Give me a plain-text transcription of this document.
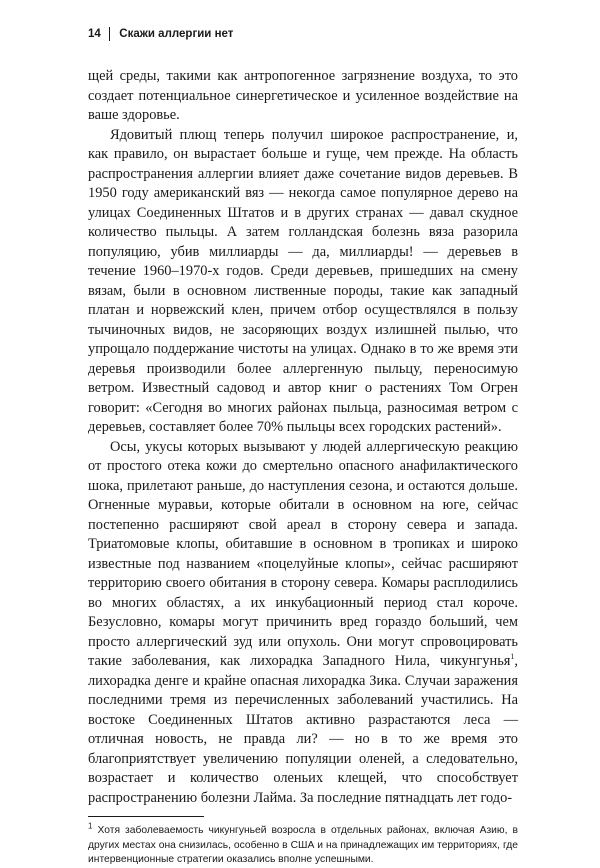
14 Скажи аллергии нет

щей среды, такими как антропогенное загрязнение воздуха, то это создает потенциальное синергетическое и усиленное воздействие на ваше здоровье.

Ядовитый плющ теперь получил широкое распространение, и, как правило, он вырастает больше и гуще, чем прежде. На область распространения аллергии влияет даже сочетание видов деревьев. В 1950 году американский вяз — некогда самое популярное дерево на улицах Соединенных Штатов и в других странах — давал скудное количество пыльцы. А затем голландская болезнь вяза разорила популяцию, убив миллиарды — да, миллиарды! — деревьев в течение 1960–1970-х годов. Среди деревьев, пришедших на смену вязам, были в основном лиственные породы, такие как западный платан и норвежский клен, причем отбор осуществлялся в пользу тычиночных видов, не засоряющих воздух излишней пылью, что упрощало поддержание чистоты на улицах. Однако в то же время эти деревья производили более аллергенную пыльцу, переносимую ветром. Известный садовод и автор книг о растениях Том Огрен говорит: «Сегодня во многих районах пыльца, разносимая ветром с деревьев, составляет более 70% пыльцы всех городских растений».

Осы, укусы которых вызывают у людей аллергическую реакцию от простого отека кожи до смертельно опасного анафилактического шока, прилетают раньше, до наступления сезона, и остаются дольше. Огненные муравьи, которые обитали в основном на юге, сейчас постепенно расширяют свой ареал в сторону севера и запада. Триатомовые клопы, обитавшие в основном в тропиках и широко известные под названием «поцелуйные клопы», сейчас расширяют территорию своего обитания в сторону севера. Комары расплодились во многих областях, а их инкубационный период стал короче. Безусловно, комары могут причинить вред гораздо больший, чем просто аллергический зуд или опухоль. Они могут спровоцировать такие заболевания, как лихорадка Западного Нила, чикунгунья$^1$, лихорадка денге и крайне опасная лихорадка Зика. Случаи заражения последними тремя из перечисленных заболеваний участились. На востоке Соединенных Штатов активно разрастаются леса — отличная новость, не правда ли? — но в то же время это благоприятствует увеличению популяции оленей, а следовательно, возрастает и количество оленьих клещей, что способствует распространению болезни Лайма. За последние пятнадцать лет годо-

$^1$ Хотя заболеваемость чикунгуньей возросла в отдельных районах, включая Азию, в других местах она снизилась, особенно в США и на принадлежащих им территориях, где интервенционные стратегии оказались вполне успешными.
